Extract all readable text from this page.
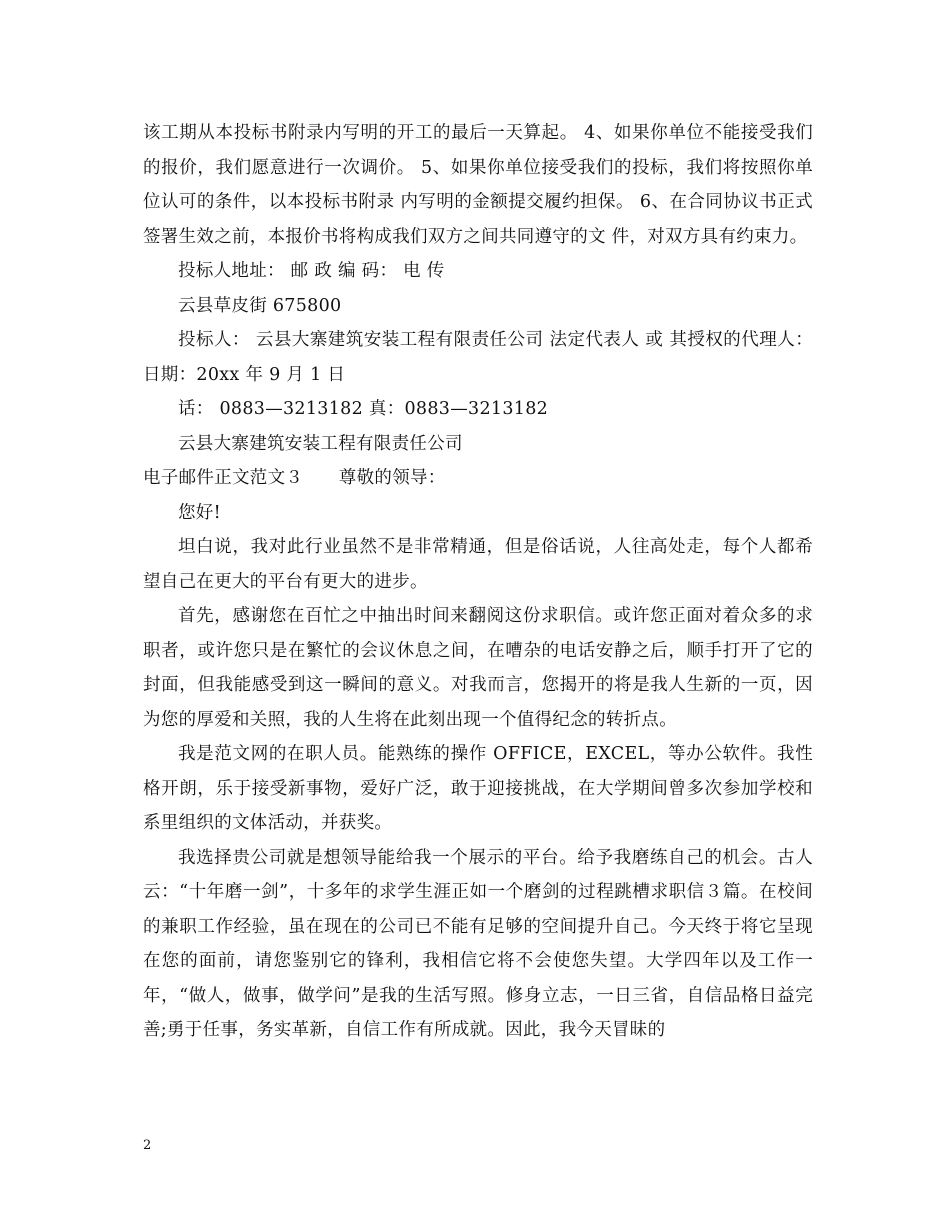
该工期从本投标书附录内写明的开工的最后一天算起。 4、如果你单位不能接受我们的报价，我们愿意进行一次调价。 5、如果你单位接受我们的投标，我们将按照你单位认可的条件，以本投标书附录 内写明的金额提交履约担保。 6、在合同协议书正式签署生效之前，本报价书将构成我们双方之间共同遵守的文 件，对双方具有约束力。

投标人地址： 邮 政 编 码： 电 传

云县草皮街 675800

投标人： 云县大寨建筑安装工程有限责任公司 法定代表人 或 其授权的代理人： 日期：20xx 年 9 月 1 日

话： 0883—3213182 真：0883—3213182

云县大寨建筑安装工程有限责任公司

电子邮件正文范文３　　尊敬的领导：

您好!

坦白说，我对此行业虽然不是非常精通，但是俗话说，人往高处走，每个人都希望自己在更大的平台有更大的进步。

首先，感谢您在百忙之中抽出时间来翻阅这份求职信。或许您正面对着众多的求职者，或许您只是在繁忙的会议休息之间，在嘈杂的电话安静之后，顺手打开了它的封面，但我能感受到这一瞬间的意义。对我而言，您揭开的将是我人生新的一页，因为您的厚爱和关照，我的人生将在此刻出现一个值得纪念的转折点。

我是范文网的在职人员。能熟练的操作 OFFICE，EXCEL，等办公软件。我性格开朗，乐于接受新事物，爱好广泛，敢于迎接挑战，在大学期间曾多次参加学校和系里组织的文体活动，并获奖。

我选择贵公司就是想领导能给我一个展示的平台。给予我磨练自己的机会。古人云：“十年磨一剑”，十多年的求学生涯正如一个磨剑的过程跳槽求职信３篇。在校间的兼职工作经验，虽在现在的公司已不能有足够的空间提升自己。今天终于将它呈现在您的面前，请您鉴别它的锋利，我相信它将不会使您失望。大学四年以及工作一年，“做人，做事，做学问”是我的生活写照。修身立志，一日三省，自信品格日益完善;勇于任事，务实革新，自信工作有所成就。因此，我今天冒昧的

2
